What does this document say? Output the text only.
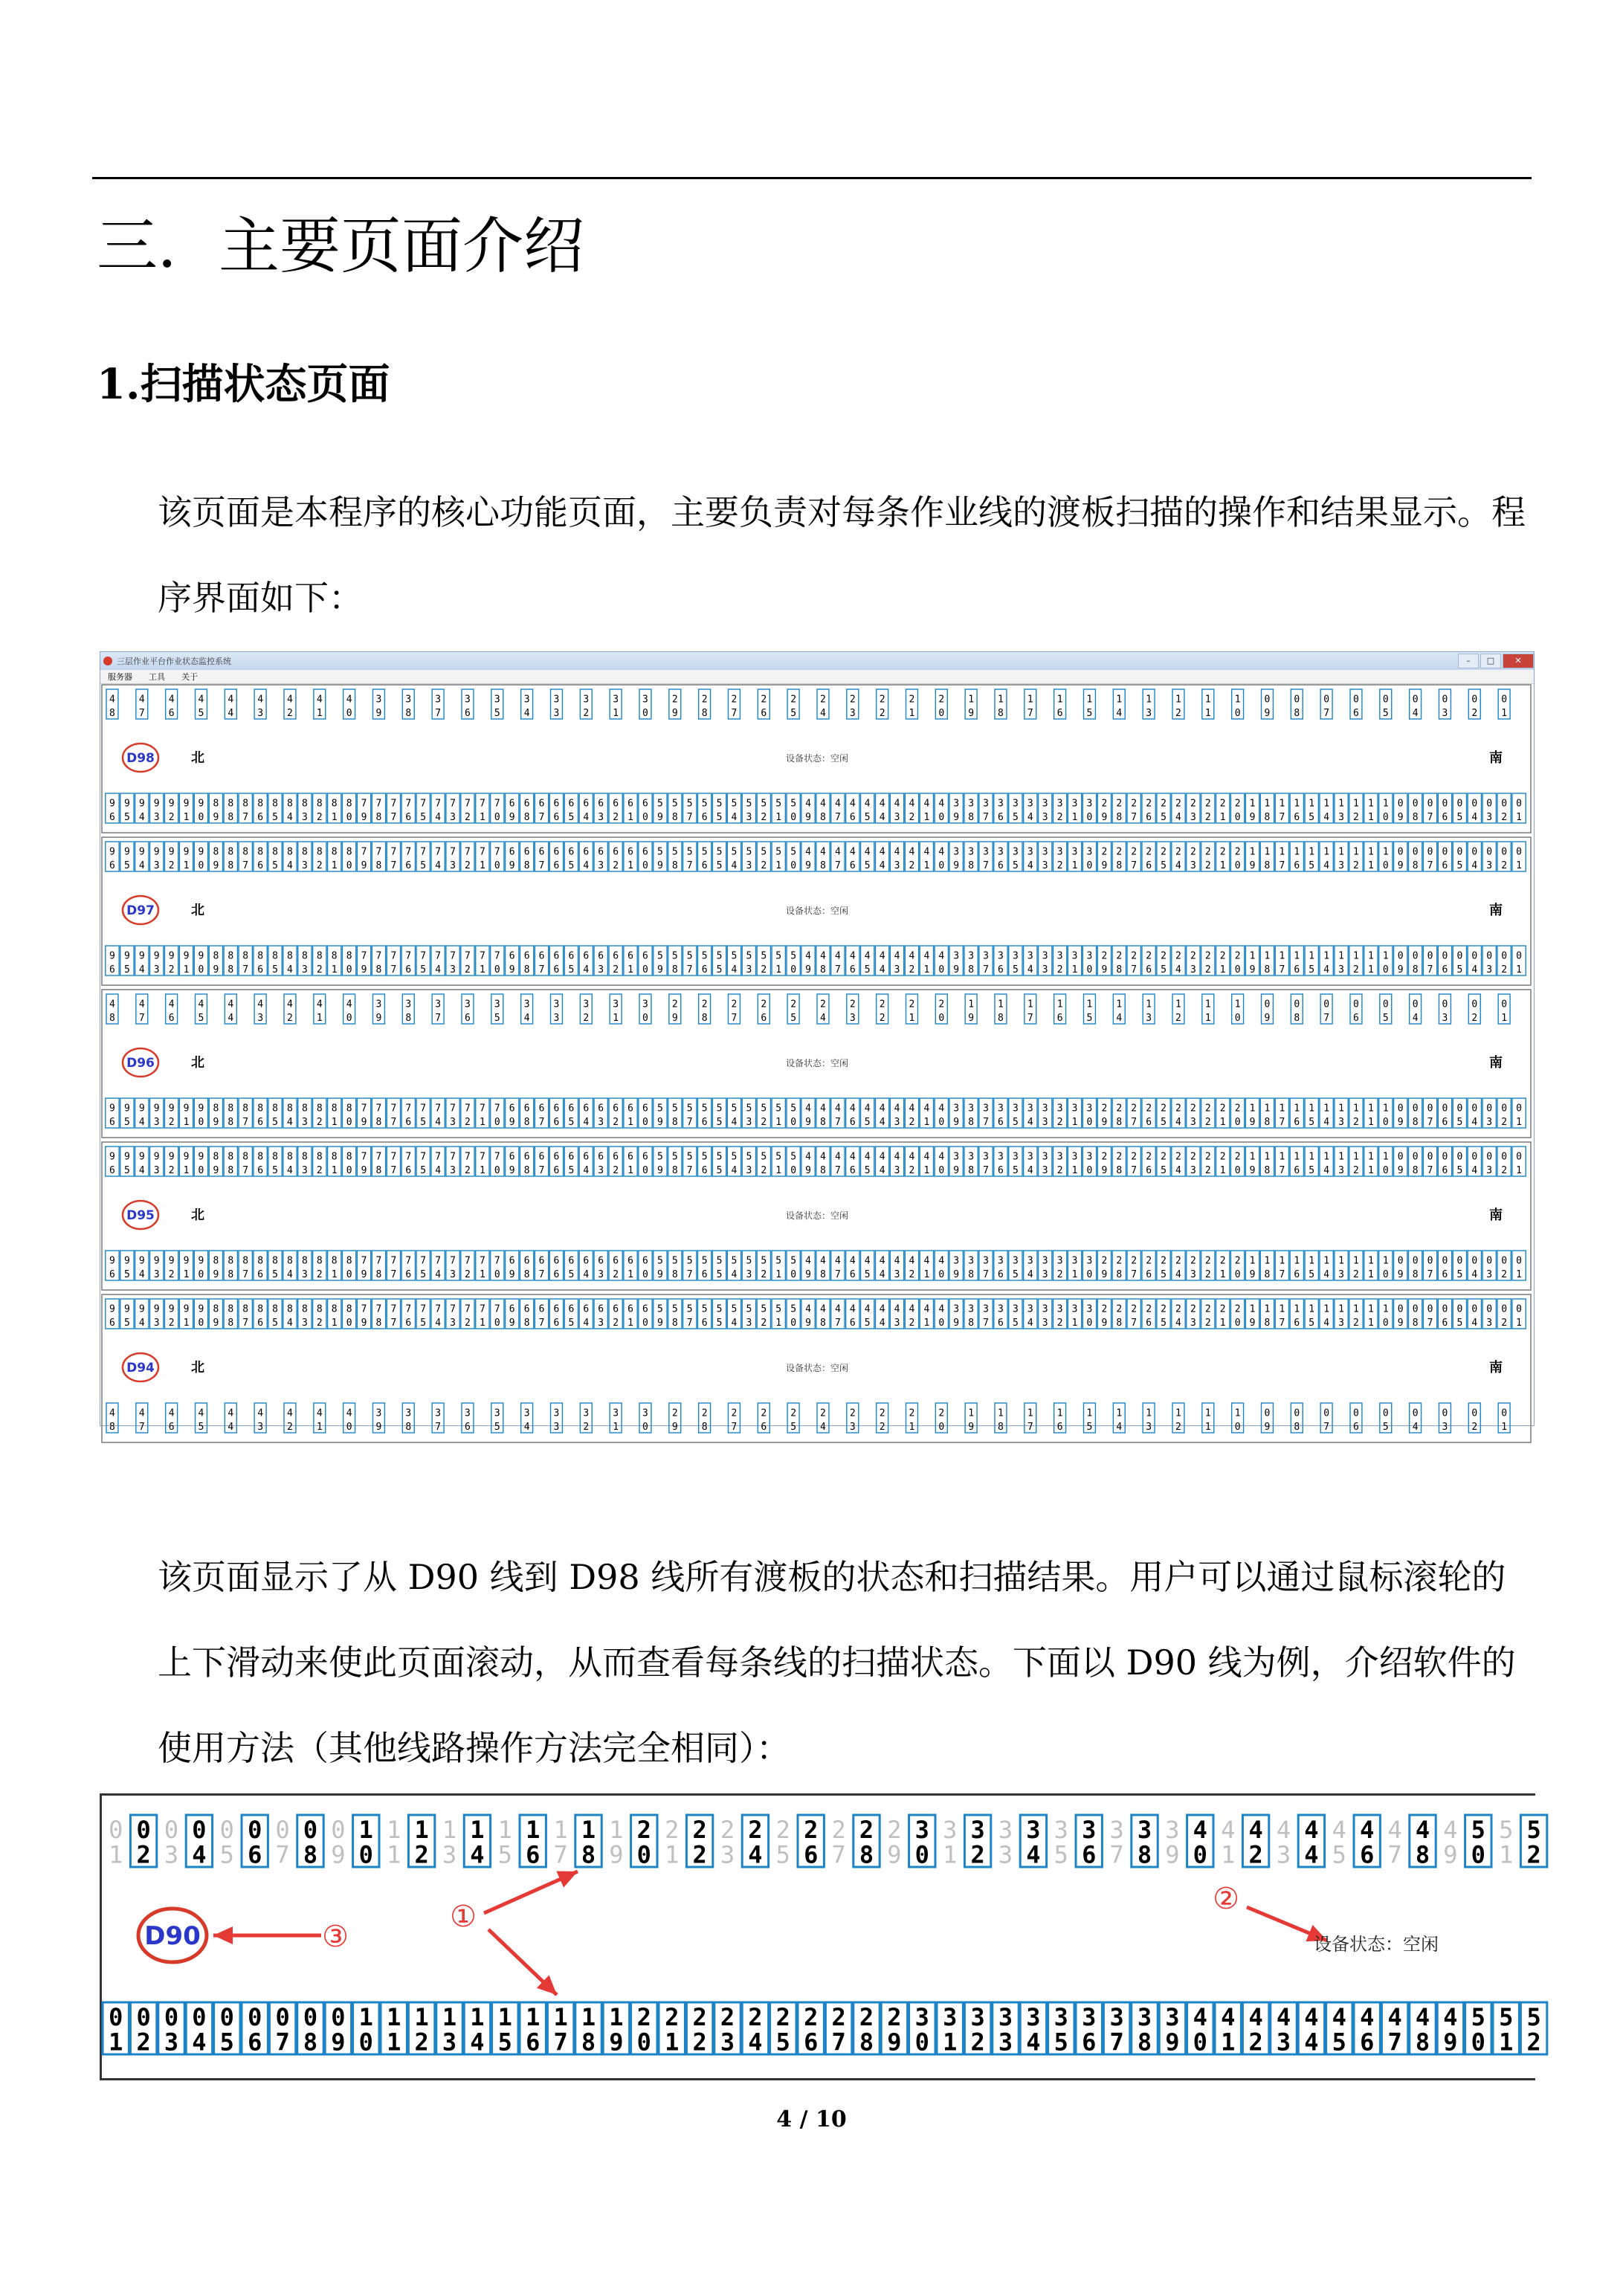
三．主要页面介绍
1.扫描状态页面
该页面是本程序的核心功能页面，主要负责对每条作业线的渡板扫描的操作和结果显示。程序界面如下：
三层作业平台作业状态监控系统	–	□	✕
服务器 工具 关于
4
8
4
7
4
6
4
5
4
4
4
3
4
2
4
1
4
0
3
9
3
8
3
7
3
6
3
5
3
4
3
3
3
2
3
1
3
0
2
9
2
8
2
7
2
6
2
5
2
4
2
3
2
2
2
1
2
0
1
9
1
8
1
7
1
6
1
5
1
4
1
3
1
2
1
1
1
0
0
9
0
8
0
7
0
6
0
5
0
4
0
3
0
2
0
1
D98	北	设备状态：空闲	南
9
6
9
5
9
4
9
3
9
2
9
1
9
0
8
9
8
8
8
7
8
6
8
5
8
4
8
3
8
2
8
1
8
0
7
9
7
8
7
7
7
6
7
5
7
4
7
3
7
2
7
1
7
0
6
9
6
8
6
7
6
6
6
5
6
4
6
3
6
2
6
1
6
0
5
9
5
8
5
7
5
6
5
5
5
4
5
3
5
2
5
1
5
0
4
9
4
8
4
7
4
6
4
5
4
4
4
3
4
2
4
1
4
0
3
9
3
8
3
7
3
6
3
5
3
4
3
3
3
2
3
1
3
0
2
9
2
8
2
7
2
6
2
5
2
4
2
3
2
2
2
1
2
0
1
9
1
8
1
7
1
6
1
5
1
4
1
3
1
2
1
1
1
0
0
9
0
8
0
7
0
6
0
5
0
4
0
3
0
2
0
1
9
6
9
5
9
4
9
3
9
2
9
1
9
0
8
9
8
8
8
7
8
6
8
5
8
4
8
3
8
2
8
1
8
0
7
9
7
8
7
7
7
6
7
5
7
4
7
3
7
2
7
1
7
0
6
9
6
8
6
7
6
6
6
5
6
4
6
3
6
2
6
1
6
0
5
9
5
8
5
7
5
6
5
5
5
4
5
3
5
2
5
1
5
0
4
9
4
8
4
7
4
6
4
5
4
4
4
3
4
2
4
1
4
0
3
9
3
8
3
7
3
6
3
5
3
4
3
3
3
2
3
1
3
0
2
9
2
8
2
7
2
6
2
5
2
4
2
3
2
2
2
1
2
0
1
9
1
8
1
7
1
6
1
5
1
4
1
3
1
2
1
1
1
0
0
9
0
8
0
7
0
6
0
5
0
4
0
3
0
2
0
1
D97	北	设备状态：空闲	南
9
6
9
5
9
4
9
3
9
2
9
1
9
0
8
9
8
8
8
7
8
6
8
5
8
4
8
3
8
2
8
1
8
0
7
9
7
8
7
7
7
6
7
5
7
4
7
3
7
2
7
1
7
0
6
9
6
8
6
7
6
6
6
5
6
4
6
3
6
2
6
1
6
0
5
9
5
8
5
7
5
6
5
5
5
4
5
3
5
2
5
1
5
0
4
9
4
8
4
7
4
6
4
5
4
4
4
3
4
2
4
1
4
0
3
9
3
8
3
7
3
6
3
5
3
4
3
3
3
2
3
1
3
0
2
9
2
8
2
7
2
6
2
5
2
4
2
3
2
2
2
1
2
0
1
9
1
8
1
7
1
6
1
5
1
4
1
3
1
2
1
1
1
0
0
9
0
8
0
7
0
6
0
5
0
4
0
3
0
2
0
1
4
8
4
7
4
6
4
5
4
4
4
3
4
2
4
1
4
0
3
9
3
8
3
7
3
6
3
5
3
4
3
3
3
2
3
1
3
0
2
9
2
8
2
7
2
6
2
5
2
4
2
3
2
2
2
1
2
0
1
9
1
8
1
7
1
6
1
5
1
4
1
3
1
2
1
1
1
0
0
9
0
8
0
7
0
6
0
5
0
4
0
3
0
2
0
1
D96	北	设备状态：空闲	南
9
6
9
5
9
4
9
3
9
2
9
1
9
0
8
9
8
8
8
7
8
6
8
5
8
4
8
3
8
2
8
1
8
0
7
9
7
8
7
7
7
6
7
5
7
4
7
3
7
2
7
1
7
0
6
9
6
8
6
7
6
6
6
5
6
4
6
3
6
2
6
1
6
0
5
9
5
8
5
7
5
6
5
5
5
4
5
3
5
2
5
1
5
0
4
9
4
8
4
7
4
6
4
5
4
4
4
3
4
2
4
1
4
0
3
9
3
8
3
7
3
6
3
5
3
4
3
3
3
2
3
1
3
0
2
9
2
8
2
7
2
6
2
5
2
4
2
3
2
2
2
1
2
0
1
9
1
8
1
7
1
6
1
5
1
4
1
3
1
2
1
1
1
0
0
9
0
8
0
7
0
6
0
5
0
4
0
3
0
2
0
1
9
6
9
5
9
4
9
3
9
2
9
1
9
0
8
9
8
8
8
7
8
6
8
5
8
4
8
3
8
2
8
1
8
0
7
9
7
8
7
7
7
6
7
5
7
4
7
3
7
2
7
1
7
0
6
9
6
8
6
7
6
6
6
5
6
4
6
3
6
2
6
1
6
0
5
9
5
8
5
7
5
6
5
5
5
4
5
3
5
2
5
1
5
0
4
9
4
8
4
7
4
6
4
5
4
4
4
3
4
2
4
1
4
0
3
9
3
8
3
7
3
6
3
5
3
4
3
3
3
2
3
1
3
0
2
9
2
8
2
7
2
6
2
5
2
4
2
3
2
2
2
1
2
0
1
9
1
8
1
7
1
6
1
5
1
4
1
3
1
2
1
1
1
0
0
9
0
8
0
7
0
6
0
5
0
4
0
3
0
2
0
1
D95	北	设备状态：空闲	南
9
6
9
5
9
4
9
3
9
2
9
1
9
0
8
9
8
8
8
7
8
6
8
5
8
4
8
3
8
2
8
1
8
0
7
9
7
8
7
7
7
6
7
5
7
4
7
3
7
2
7
1
7
0
6
9
6
8
6
7
6
6
6
5
6
4
6
3
6
2
6
1
6
0
5
9
5
8
5
7
5
6
5
5
5
4
5
3
5
2
5
1
5
0
4
9
4
8
4
7
4
6
4
5
4
4
4
3
4
2
4
1
4
0
3
9
3
8
3
7
3
6
3
5
3
4
3
3
3
2
3
1
3
0
2
9
2
8
2
7
2
6
2
5
2
4
2
3
2
2
2
1
2
0
1
9
1
8
1
7
1
6
1
5
1
4
1
3
1
2
1
1
1
0
0
9
0
8
0
7
0
6
0
5
0
4
0
3
0
2
0
1
9
6
9
5
9
4
9
3
9
2
9
1
9
0
8
9
8
8
8
7
8
6
8
5
8
4
8
3
8
2
8
1
8
0
7
9
7
8
7
7
7
6
7
5
7
4
7
3
7
2
7
1
7
0
6
9
6
8
6
7
6
6
6
5
6
4
6
3
6
2
6
1
6
0
5
9
5
8
5
7
5
6
5
5
5
4
5
3
5
2
5
1
5
0
4
9
4
8
4
7
4
6
4
5
4
4
4
3
4
2
4
1
4
0
3
9
3
8
3
7
3
6
3
5
3
4
3
3
3
2
3
1
3
0
2
9
2
8
2
7
2
6
2
5
2
4
2
3
2
2
2
1
2
0
1
9
1
8
1
7
1
6
1
5
1
4
1
3
1
2
1
1
1
0
0
9
0
8
0
7
0
6
0
5
0
4
0
3
0
2
0
1
D94	北	设备状态：空闲	南
4
8
4
7
4
6
4
5
4
4
4
3
4
2
4
1
4
0
3
9
3
8
3
7
3
6
3
5
3
4
3
3
3
2
3
1
3
0
2
9
2
8
2
7
2
6
2
5
2
4
2
3
2
2
2
1
2
0
1
9
1
8
1
7
1
6
1
5
1
4
1
3
1
2
1
1
1
0
0
9
0
8
0
7
0
6
0
5
0
4
0
3
0
2
0
1
该页面显示了从 D90 线到 D98 线所有渡板的状态和扫描结果。用户可以通过鼠标滚轮的上下滑动来使此页面滚动，从而查看每条线的扫描状态。下面以 D90 线为例，介绍软件的使用方法（其他线路操作方法完全相同）：
0
1
0
2
0
3
0
4
0
5
0
6
0
7
0
8
0
9
1
0
1
1
1
2
1
3
1
4
1
5
1
6
1
7
1
8
1
9
2
0
2
1
2
2
2
3
2
4
2
5
2
6
2
7
2
8
2
9
3
0
3
1
3
2
3
3
3
4
3
5
3
6
3
7
3
8
3
9
4
0
4
1
4
2
4
3
4
4
4
5
4
6
4
7
4
8
4
9
5
0
5
1
5
2
0
1
0
2
0
3
0
4
0
5
0
6
0
7
0
8
0
9
1
0
1
1
1
2
1
3
1
4
1
5
1
6
1
7
1
8
1
9
2
0
2
1
2
2
2
3
2
4
2
5
2
6
2
7
2
8
2
9
3
0
3
1
3
2
3
3
3
4
3
5
3
6
3
7
3
8
3
9
4
0
4
1
4
2
4
3
4
4
4
5
4
6
4
7
4
8
4
9
5
0
5
1
5
2
D90
①
②
设备状态：空闲
③
4 / 10
